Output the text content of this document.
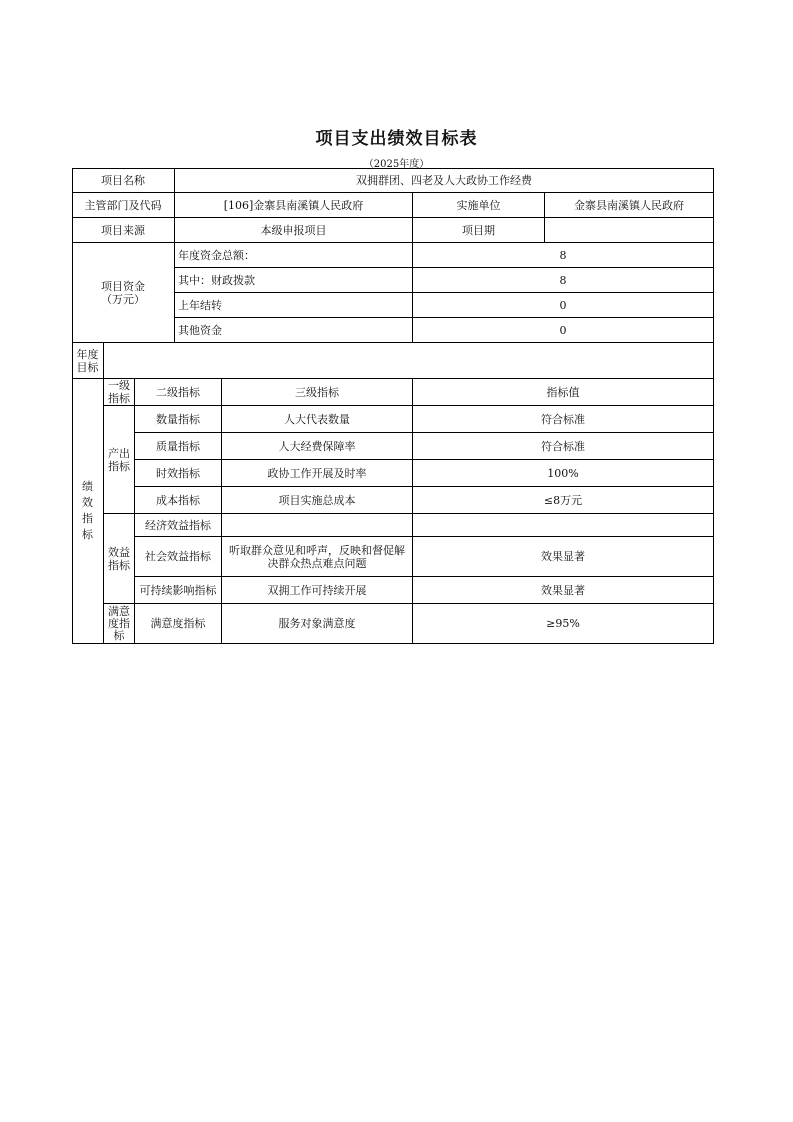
项目支出绩效目标表
（2025年度）
项目名称	双拥群团、四老及人大政协工作经费
主管部门及代码	[106]金寨县南溪镇人民政府	实施单位	金寨县南溪镇人民政府
项目来源	本级申报项目	项目期
项目资金
（万元）
年度资金总额：	8
其中：财政拨款	8
上年结转	0
其他资金	0
年度目标
绩效指标
一级指标	二级指标	三级指标	指标值
产出指标
数量指标	人大代表数量	符合标准
质量指标	人大经费保障率	符合标准
时效指标	政协工作开展及时率	100%
成本指标	项目实施总成本	≤8万元
效益指标
经济效益指标
社会效益指标	听取群众意见和呼声，反映和督促解决群众热点难点问题	效果显著
可持续影响指标	双拥工作可持续开展	效果显著
满意度指标
满意度指标	服务对象满意度	≥95%
